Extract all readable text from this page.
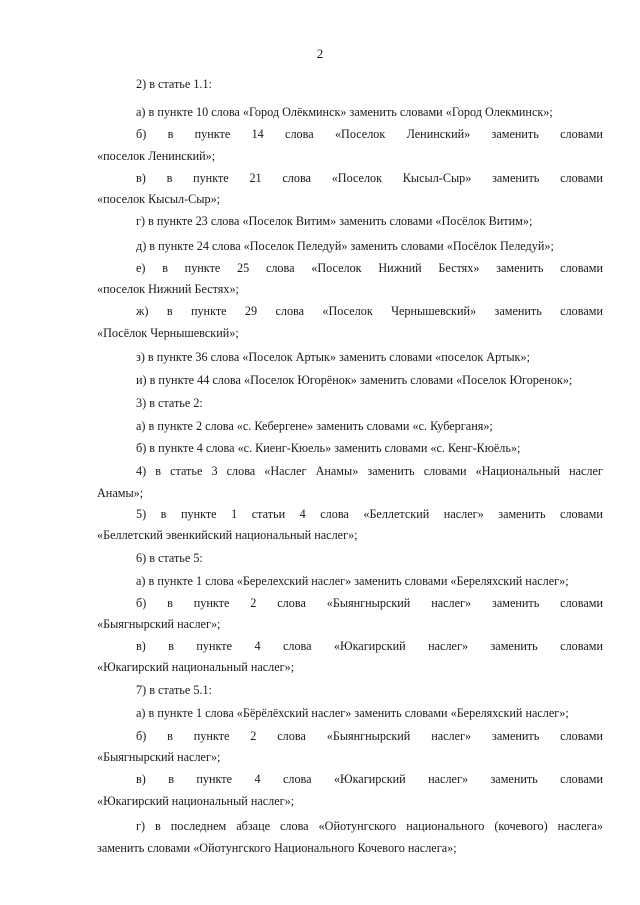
2
2) в статье 1.1:
а) в пункте 10 слова «Город Олёкминск» заменить словами «Город Олекминск»;
б) в пункте 14 слова «Поселок Ленинский» заменить словами
«поселок Ленинский»;
в) в пункте 21 слова «Поселок Кысыл-Сыр» заменить словами
«поселок Кысыл-Сыр»;
г) в пункте 23 слова «Поселок Витим» заменить словами «Посёлок Витим»;
д) в пункте 24 слова «Поселок Пеледуй» заменить словами «Посёлок Пеледуй»;
е) в пункте 25 слова «Поселок Нижний Бестях» заменить словами
«поселок Нижний Бестях»;
ж) в пункте 29 слова «Поселок Чернышевский» заменить словами
«Посёлок Чернышевский»;
з) в пункте 36 слова «Поселок Артык» заменить словами «поселок Артык»;
и) в пункте 44 слова «Поселок Югорёнок» заменить словами «Поселок Югоренок»;
3) в статье 2:
а) в пункте 2 слова «с. Кебергене» заменить словами «с. Куберганя»;
б) в пункте 4 слова «с. Киенг-Кюель» заменить словами «с. Кенг-Кюёль»;
4) в статье 3 слова «Наслег Анамы» заменить словами «Национальный наслег
Анамы»;
5) в пункте 1 статьи 4 слова «Беллетский наслег» заменить словами
«Беллетский эвенкийский национальный наслег»;
6) в статье 5:
а) в пункте 1 слова «Берелехский наслег» заменить словами «Береляхский наслег»;
б) в пункте 2 слова «Быянгнырский наслег» заменить словами
«Быягнырский наслег»;
в) в пункте 4 слова «Юкагирский наслег» заменить словами
«Юкагирский национальный наслег»;
7) в статье 5.1:
а) в пункте 1 слова «Бёрёлёхский наслег» заменить словами «Береляхский наслег»;
б) в пункте 2 слова «Быянгнырский наслег» заменить словами
«Быягнырский наслег»;
в) в пункте 4 слова «Юкагирский наслег» заменить словами
«Юкагирский национальный наслег»;
г) в последнем абзаце слова «Ойотунгского национального (кочевого) наслега»
заменить словами «Ойотунгского Национального Кочевого наслега»;
